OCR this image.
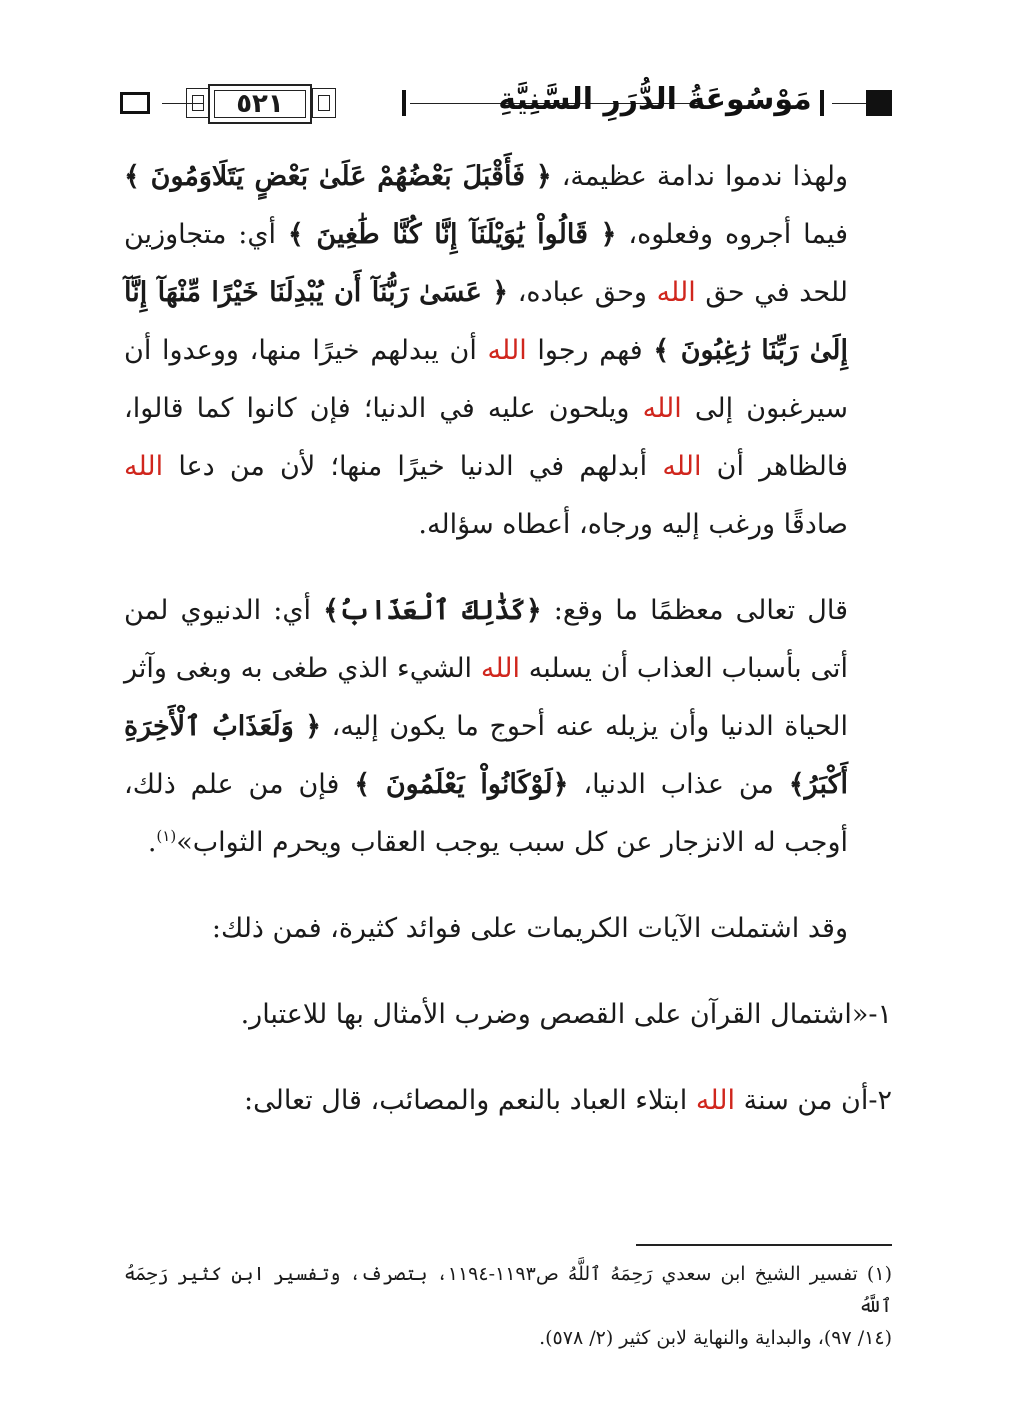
٥٢١	مَوْسُوعَةُ الدُّرَرِ السَّنِيَّةِ

ولهذا ندموا ندامة عظيمة، ﴿ فَأَقْبَلَ بَعْضُهُمْ عَلَىٰ بَعْضٍ يَتَلَاوَمُونَ ﴾ فيما أجروه وفعلوه، ﴿ قَالُواْ يَٰوَيْلَنَآ إِنَّا كُنَّا طَٰغِينَ ﴾ أي: متجاوزين للحد في حق الله وحق عباده، ﴿ عَسَىٰ رَبُّنَآ أَن يُبْدِلَنَا خَيْرًا مِّنْهَآ إِنَّآ إِلَىٰ رَبِّنَا رَٰغِبُونَ ﴾ فهم رجوا الله أن يبدلهم خيرًا منها، ووعدوا أن سيرغبون إلى الله ويلحون عليه في الدنيا؛ فإن كانوا كما قالوا، فالظاهر أن الله أبدلهم في الدنيا خيرًا منها؛ لأن من دعا الله صادقًا ورغب إليه ورجاه، أعطاه سؤاله.

قال تعالى معظمًا ما وقع: ﴿كَذَٰلِكَ ٱلْعَذَابُ﴾ أي: الدنيوي لمن أتى بأسباب العذاب أن يسلبه الله الشيء الذي طغى به وبغى وآثر الحياة الدنيا وأن يزيله عنه أحوج ما يكون إليه، ﴿ وَلَعَذَابُ ٱلْأَخِرَةِ أَكْبَرُ﴾ من عذاب الدنيا، ﴿لَوْكَانُواْ يَعْلَمُونَ ﴾ فإن من علم ذلك، أوجب له الانزجار عن كل سبب يوجب العقاب ويحرم الثواب»$^{(١)}$.

وقد اشتملت الآيات الكريمات على فوائد كثيرة، فمن ذلك:

١-«اشتمال القرآن على القصص وضرب الأمثال بها للاعتبار.

٢-أن من سنة الله ابتلاء العباد بالنعم والمصائب، قال تعالى:

(١) تفسير الشيخ ابن سعدي رَحِمَهُ ٱللَّهُ ص١١٩٣-١١٩٤، بتصرف، وتفسير ابن كثير رَحِمَهُ ٱللَّهُ

(١٤/ ٩٧)، والبداية والنهاية لابن كثير (٢/ ٥٧٨).
